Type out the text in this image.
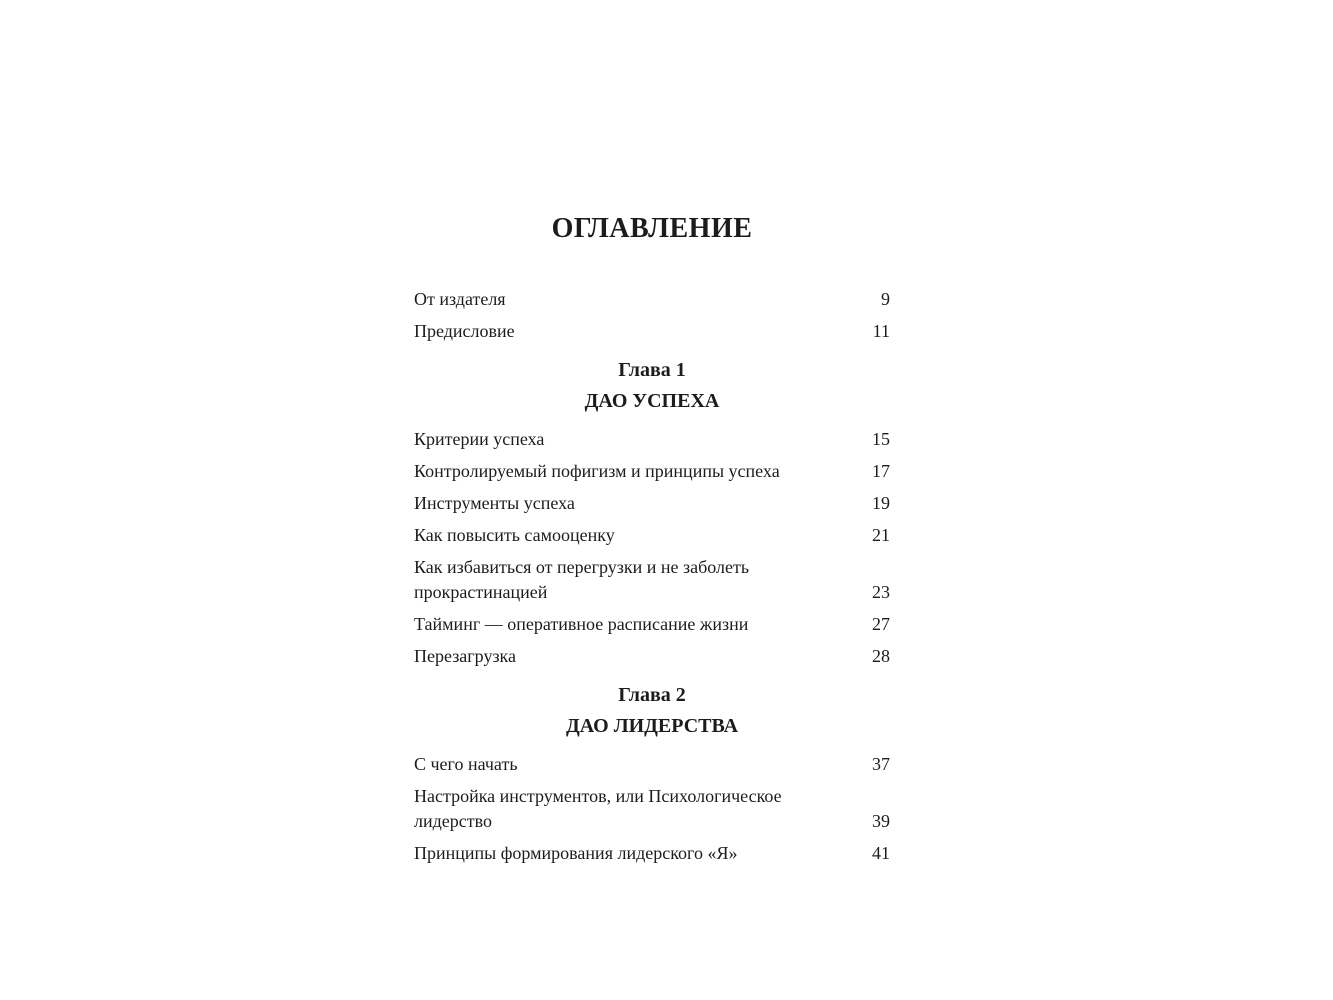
ОГЛАВЛЕНИЕ
От издателя	9
Предисловие	11
Глава 1
ДАО УСПЕХА
Критерии успеха	15
Контролируемый пофигизм и принципы успеха	17
Инструменты успеха	19
Как повысить самооценку	21
Как избавиться от перегрузки и не заболеть
прокрастинацией	23
Тайминг — оперативное расписание жизни	27
Перезагрузка	28
Глава 2
ДАО ЛИДЕРСТВА
С чего начать	37
Настройка инструментов, или Психологическое
лидерство	39
Принципы формирования лидерского «Я»	41
